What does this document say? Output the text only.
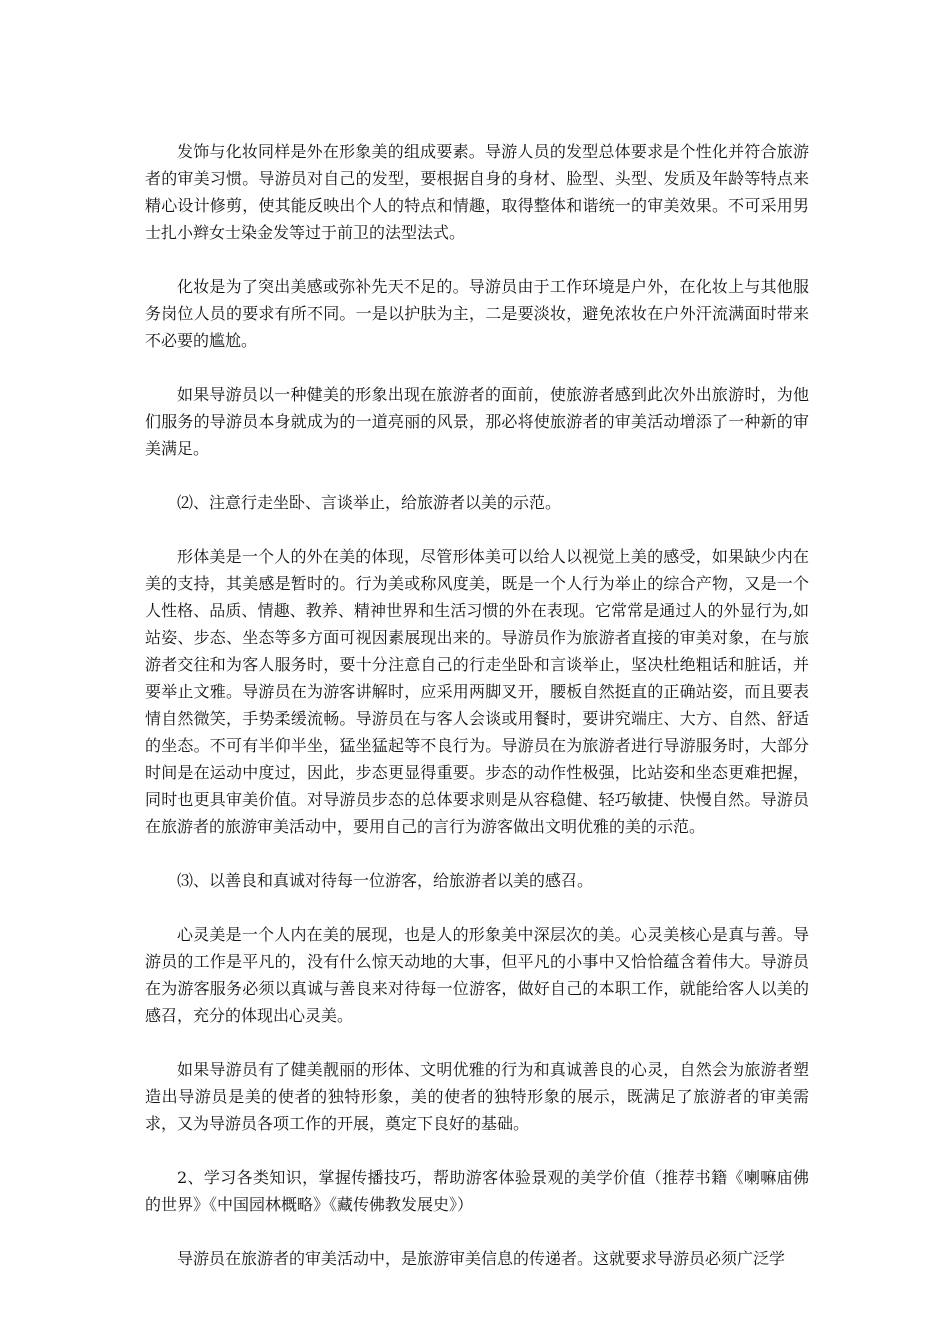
发饰与化妆同样是外在形象美的组成要素。导游人员的发型总体要求是个性化并符合旅游者的审美习惯。导游员对自己的发型，要根据自身的身材、脸型、头型、发质及年龄等特点来精心设计修剪，使其能反映出个人的特点和情趣，取得整体和谐统一的审美效果。不可采用男士扎小辫女士染金发等过于前卫的法型法式。

化妆是为了突出美感或弥补先天不足的。导游员由于工作环境是户外，在化妆上与其他服务岗位人员的要求有所不同。一是以护肤为主，二是要淡妆，避免浓妆在户外汗流满面时带来不必要的尴尬。

如果导游员以一种健美的形象出现在旅游者的面前，使旅游者感到此次外出旅游时，为他们服务的导游员本身就成为的一道亮丽的风景，那必将使旅游者的审美活动增添了一种新的审美满足。

⑵、注意行走坐卧、言谈举止，给旅游者以美的示范。

形体美是一个人的外在美的体现，尽管形体美可以给人以视觉上美的感受，如果缺少内在美的支持，其美感是暂时的。行为美或称风度美，既是一个人行为举止的综合产物，又是一个人性格、品质、情趣、教养、精神世界和生活习惯的外在表现。它常常是通过人的外显行为,如站姿、步态、坐态等多方面可视因素展现出来的。导游员作为旅游者直接的审美对象，在与旅游者交往和为客人服务时，要十分注意自己的行走坐卧和言谈举止，坚决杜绝粗话和脏话，并要举止文雅。导游员在为游客讲解时，应采用两脚叉开，腰板自然挺直的正确站姿，而且要表情自然微笑，手势柔缓流畅。导游员在与客人会谈或用餐时，要讲究端庄、大方、自然、舒适的坐态。不可有半仰半坐，猛坐猛起等不良行为。导游员在为旅游者进行导游服务时，大部分时间是在运动中度过，因此，步态更显得重要。步态的动作性极强，比站姿和坐态更难把握，同时也更具审美价值。对导游员步态的总体要求则是从容稳健、轻巧敏捷、快慢自然。导游员在旅游者的旅游审美活动中，要用自己的言行为游客做出文明优雅的美的示范。

⑶、以善良和真诚对待每一位游客，给旅游者以美的感召。

心灵美是一个人内在美的展现，也是人的形象美中深层次的美。心灵美核心是真与善。导游员的工作是平凡的，没有什么惊天动地的大事，但平凡的小事中又恰恰蕴含着伟大。导游员在为游客服务必须以真诚与善良来对待每一位游客，做好自己的本职工作，就能给客人以美的感召，充分的体现出心灵美。

如果导游员有了健美靓丽的形体、文明优雅的行为和真诚善良的心灵，自然会为旅游者塑造出导游员是美的使者的独特形象，美的使者的独特形象的展示，既满足了旅游者的审美需求，又为导游员各项工作的开展，奠定下良好的基础。

2、学习各类知识，掌握传播技巧，帮助游客体验景观的美学价值（推荐书籍《喇嘛庙佛的世界》《中国园林概略》《藏传佛教发展史》）

导游员在旅游者的审美活动中，是旅游审美信息的传递者。这就要求导游员必须广泛学
